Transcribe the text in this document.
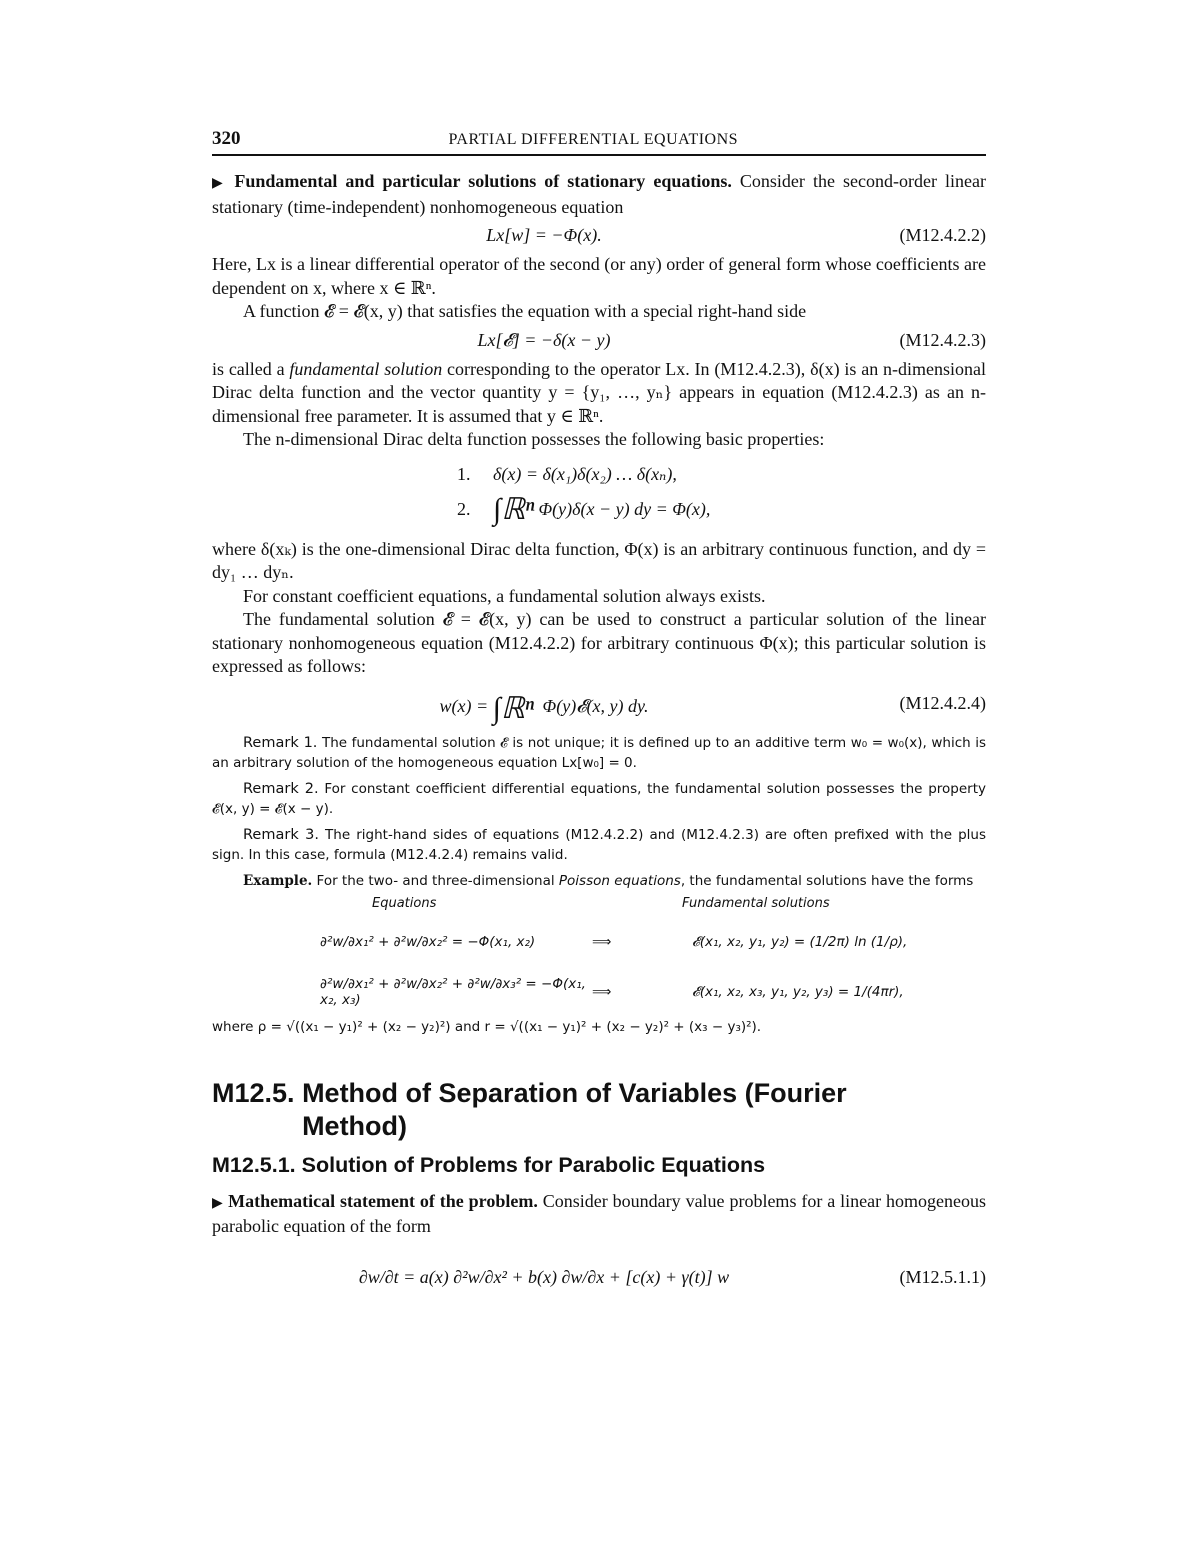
320	PARTIAL DIFFERENTIAL EQUATIONS

▶ Fundamental and particular solutions of stationary equations. Consider the second-order linear stationary (time-independent) nonhomogeneous equation

Lx[w] = −Φ(x).	(M12.4.2.2)

Here, Lx is a linear differential operator of the second (or any) order of general form whose coefficients are dependent on x, where x ∈ ℝⁿ.

A function 𝓔 = 𝓔(x, y) that satisfies the equation with a special right-hand side

Lx[𝓔] = −δ(x − y)	(M12.4.2.3)

is called a fundamental solution corresponding to the operator Lx. In (M12.4.2.3), δ(x) is an n-dimensional Dirac delta function and the vector quantity y = {y₁, …, yₙ} appears in equation (M12.4.2.3) as an n-dimensional free parameter. It is assumed that y ∈ ℝⁿ.

The n-dimensional Dirac delta function possesses the following basic properties:

1.	δ(x) = δ(x₁)δ(x₂) … δ(xₙ),
2. ∫ℝⁿ Φ(y)δ(x − y) dy = Φ(x),

where δ(xₖ) is the one-dimensional Dirac delta function, Φ(x) is an arbitrary continuous function, and dy = dy₁ … dyₙ.

For constant coefficient equations, a fundamental solution always exists.

The fundamental solution 𝓔 = 𝓔(x, y) can be used to construct a particular solution of the linear stationary nonhomogeneous equation (M12.4.2.2) for arbitrary continuous Φ(x); this particular solution is expressed as follows:

w(x) = ∫ℝⁿ Φ(y)𝓔(x, y) dy.	(M12.4.2.4)

Remark 1. The fundamental solution 𝓔 is not unique; it is defined up to an additive term w₀ = w₀(x), which is an arbitrary solution of the homogeneous equation Lx[w₀] = 0.

Remark 2. For constant coefficient differential equations, the fundamental solution possesses the property 𝓔(x, y) = 𝓔(x − y).

Remark 3. The right-hand sides of equations (M12.4.2.2) and (M12.4.2.3) are often prefixed with the plus sign. In this case, formula (M12.4.2.4) remains valid.

Example. For the two- and three-dimensional Poisson equations, the fundamental solutions have the forms

Equations	Fundamental solutions
∂²w/∂x₁² + ∂²w/∂x₂² = −Φ(x₁, x₂)	⟹	𝓔(x₁, x₂, y₁, y₂) = (1/2π) ln (1/ρ),
∂²w/∂x₁² + ∂²w/∂x₂² + ∂²w/∂x₃² = −Φ(x₁, x₂, x₃)	⟹	𝓔(x₁, x₂, x₃, y₁, y₂, y₃) = 1/(4πr),

where ρ = √((x₁ − y₁)² + (x₂ − y₂)²) and r = √((x₁ − y₁)² + (x₂ − y₂)² + (x₃ − y₃)²).

M12.5. Method of Separation of Variables (Fourier Method)
M12.5.1. Solution of Problems for Parabolic Equations

▶ Mathematical statement of the problem. Consider boundary value problems for a linear homogeneous parabolic equation of the form

∂w/∂t = a(x) ∂²w/∂x² + b(x) ∂w/∂x + [c(x) + γ(t)] w	(M12.5.1.1)
